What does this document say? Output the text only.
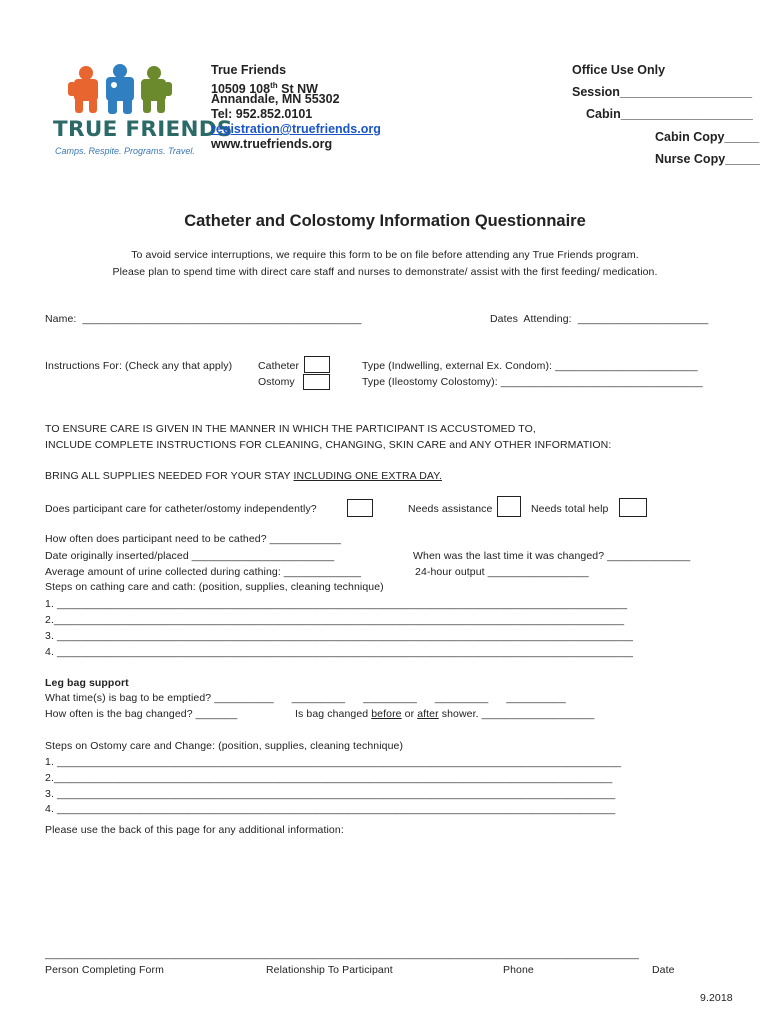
TRUE FRIENDS
Camps. Respite. Programs. Travel.
True Friends
10509 108th St NW
Annandale, MN 55302
Tel: 952.852.0101
registration@truefriends.org
www.truefriends.org
Office Use Only
Session___________________
Cabin___________________
Cabin Copy_____
Nurse Copy_____
Catheter and Colostomy Information Questionnaire
To avoid service interruptions, we require this form to be on file before attending any True Friends program.
Please plan to spend time with direct care staff and nurses to demonstrate/ assist with the first feeding/ medication.
Name:  _______________________________________________	Dates  Attending:  ______________________
Instructions For: (Check any that apply) Catheter
Ostomy
Type (Indwelling, external Ex. Condom): ________________________
Type (Ileostomy Colostomy): __________________________________
TO ENSURE CARE IS GIVEN IN THE MANNER IN WHICH THE PARTICIPANT IS ACCUSTOMED TO,
INCLUDE COMPLETE INSTRUCTIONS FOR CLEANING, CHANGING, SKIN CARE and ANY OTHER INFORMATION:
BRING ALL SUPPLIES NEEDED FOR YOUR STAY INCLUDING ONE EXTRA DAY.
Does participant care for catheter/ostomy independently?	Needs assistance	Needs total help
How often does participant need to be cathed? ____________
Date originally inserted/placed ________________________	When was the last time it was changed? ______________
Average amount of urine collected during cathing: _____________	24-hour output _________________
Steps on cathing care and cath: (position, supplies, cleaning technique)
1. ________________________________________________________________________________________________
2.________________________________________________________________________________________________
3. _________________________________________________________________________________________________
4. _________________________________________________________________________________________________
Leg bag support
What time(s) is bag to be emptied? __________      _________      _________      _________      __________
How often is the bag changed? _______	Is bag changed before or after shower. ___________________
Steps on Ostomy care and Change: (position, supplies, cleaning technique)
1. _______________________________________________________________________________________________
2.______________________________________________________________________________________________
3. ______________________________________________________________________________________________
4. ______________________________________________________________________________________________
Please use the back of this page for any additional information:
____________________________________________________________________________________________________
Person Completing Form	Relationship To Participant	Phone	Date
9.2018
